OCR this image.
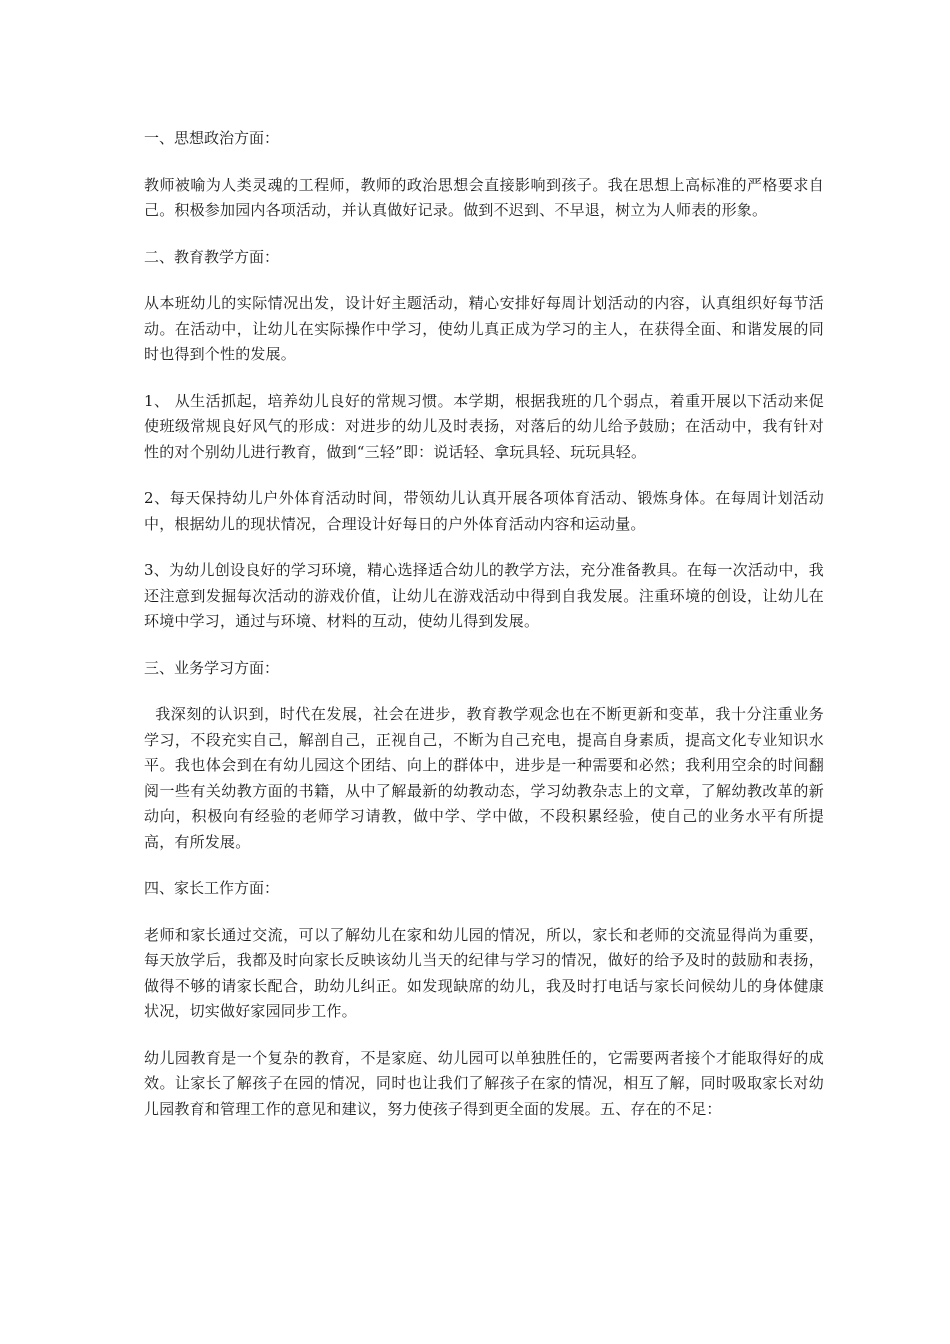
一、思想政治方面：

教师被喻为人类灵魂的工程师，教师的政治思想会直接影响到孩子。我在思想上高标准的严格要求自己。积极参加园内各项活动，并认真做好记录。做到不迟到、不早退，树立为人师表的形象。

二、教育教学方面：

从本班幼儿的实际情况出发，设计好主题活动，精心安排好每周计划活动的内容，认真组织好每节活动。在活动中，让幼儿在实际操作中学习，使幼儿真正成为学习的主人，在获得全面、和谐发展的同时也得到个性的发展。

1、 从生活抓起，培养幼儿良好的常规习惯。本学期，根据我班的几个弱点，着重开展以下活动来促使班级常规良好风气的形成：对进步的幼儿及时表扬，对落后的幼儿给予鼓励；在活动中，我有针对性的对个别幼儿进行教育，做到“三轻”即：说话轻、拿玩具轻、玩玩具轻。

2、每天保持幼儿户外体育活动时间，带领幼儿认真开展各项体育活动、锻炼身体。在每周计划活动中，根据幼儿的现状情况，合理设计好每日的户外体育活动内容和运动量。

3、为幼儿创设良好的学习环境，精心选择适合幼儿的教学方法，充分准备教具。在每一次活动中，我还注意到发掘每次活动的游戏价值，让幼儿在游戏活动中得到自我发展。注重环境的创设，让幼儿在环境中学习，通过与环境、材料的互动，使幼儿得到发展。

三、业务学习方面：

我深刻的认识到，时代在发展，社会在进步，教育教学观念也在不断更新和变革，我十分注重业务学习，不段充实自己，解剖自己，正视自己，不断为自己充电，提高自身素质，提高文化专业知识水平。我也体会到在有幼儿园这个团结、向上的群体中，进步是一种需要和必然；我利用空余的时间翻阅一些有关幼教方面的书籍，从中了解最新的幼教动态，学习幼教杂志上的文章，了解幼教改革的新动向，积极向有经验的老师学习请教，做中学、学中做，不段积累经验，使自己的业务水平有所提高，有所发展。

四、家长工作方面：

老师和家长通过交流，可以了解幼儿在家和幼儿园的情况，所以，家长和老师的交流显得尚为重要，每天放学后，我都及时向家长反映该幼儿当天的纪律与学习的情况，做好的给予及时的鼓励和表扬，做得不够的请家长配合，助幼儿纠正。如发现缺席的幼儿，我及时打电话与家长问候幼儿的身体健康状况，切实做好家园同步工作。

幼儿园教育是一个复杂的教育，不是家庭、幼儿园可以单独胜任的，它需要两者接个才能取得好的成效。让家长了解孩子在园的情况，同时也让我们了解孩子在家的情况，相互了解，同时吸取家长对幼儿园教育和管理工作的意见和建议，努力使孩子得到更全面的发展。五、存在的不足：
